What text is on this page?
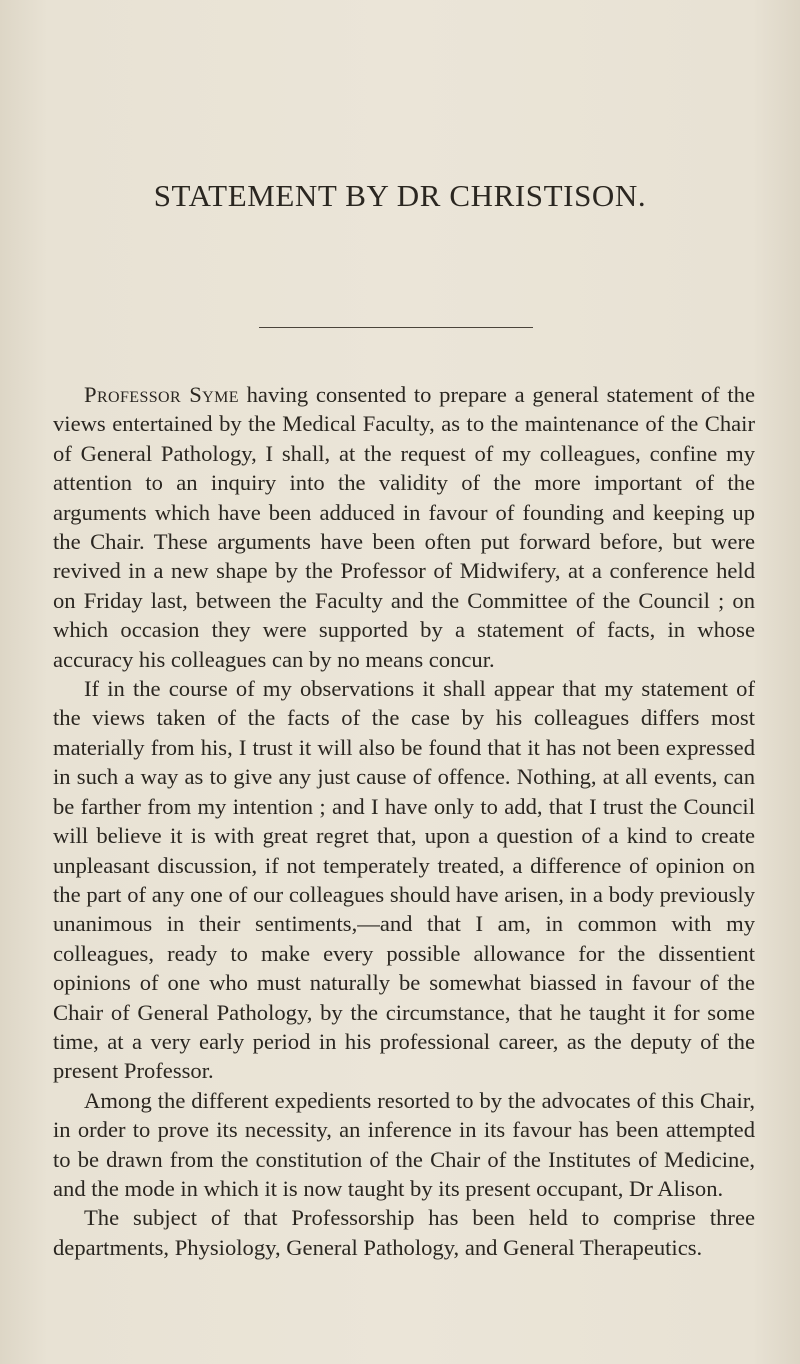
STATEMENT BY DR CHRISTISON.

Professor Syme having consented to prepare a general statement of the views entertained by the Medical Faculty, as to the maintenance of the Chair of General Pathology, I shall, at the request of my colleagues, confine my attention to an inquiry into the validity of the more important of the arguments which have been adduced in favour of founding and keeping up the Chair. These arguments have been often put forward before, but were revived in a new shape by the Professor of Midwifery, at a conference held on Friday last, between the Faculty and the Committee of the Council ; on which occasion they were supported by a statement of facts, in whose accuracy his colleagues can by no means concur.

If in the course of my observations it shall appear that my statement of the views taken of the facts of the case by his colleagues differs most materially from his, I trust it will also be found that it has not been expressed in such a way as to give any just cause of offence. Nothing, at all events, can be farther from my intention ; and I have only to add, that I trust the Council will believe it is with great regret that, upon a question of a kind to create unpleasant discussion, if not temperately treated, a difference of opinion on the part of any one of our colleagues should have arisen, in a body previously unanimous in their sentiments,—and that I am, in common with my colleagues, ready to make every possible allowance for the dissentient opinions of one who must naturally be somewhat biassed in favour of the Chair of General Pathology, by the circumstance, that he taught it for some time, at a very early period in his professional career, as the deputy of the present Professor.

Among the different expedients resorted to by the advocates of this Chair, in order to prove its necessity, an inference in its favour has been attempted to be drawn from the constitution of the Chair of the Institutes of Medicine, and the mode in which it is now taught by its present occupant, Dr Alison.

The subject of that Professorship has been held to comprise three departments, Physiology, General Pathology, and General Therapeutics.
